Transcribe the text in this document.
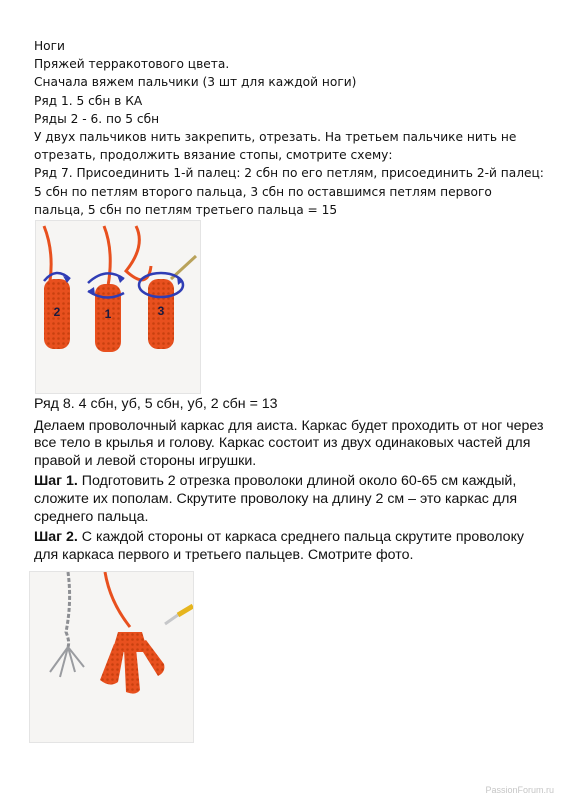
Ноги

Пряжей терракотового цвета.

Сначала вяжем пальчики (3 шт для каждой ноги)

Ряд 1. 5 сбн в КА

Ряды 2 - 6. по 5 сбн

У двух пальчиков нить закрепить, отрезать. На третьем пальчике нить не отрезать, продолжить вязание стопы, смотрите схему:

Ряд 7. Присоединить 1-й палец: 2 сбн по его петлям, присоединить 2-й палец: 5 сбн по петлям второго пальца, 3 сбн по оставшимся петлям первого пальца, 5 сбн по петлям третьего пальца = 15

2	1	3

Ряд 8. 4 сбн, уб, 5 сбн, уб, 2 сбн = 13

Делаем проволочный каркас для аиста. Каркас будет проходить от ног через все тело в крылья и голову. Каркас состоит из двух одинаковых частей для правой и левой стороны игрушки.

Шаг 1. Подготовить 2 отрезка проволоки длиной около 60-65 см каждый, сложите их пополам. Скрутите проволоку на длину 2 см – это каркас для среднего пальца.

Шаг 2. С каждой стороны от каркаса среднего пальца скрутите проволоку для каркаса первого и третьего пальцев. Смотрите фото.

PassionForum.ru
